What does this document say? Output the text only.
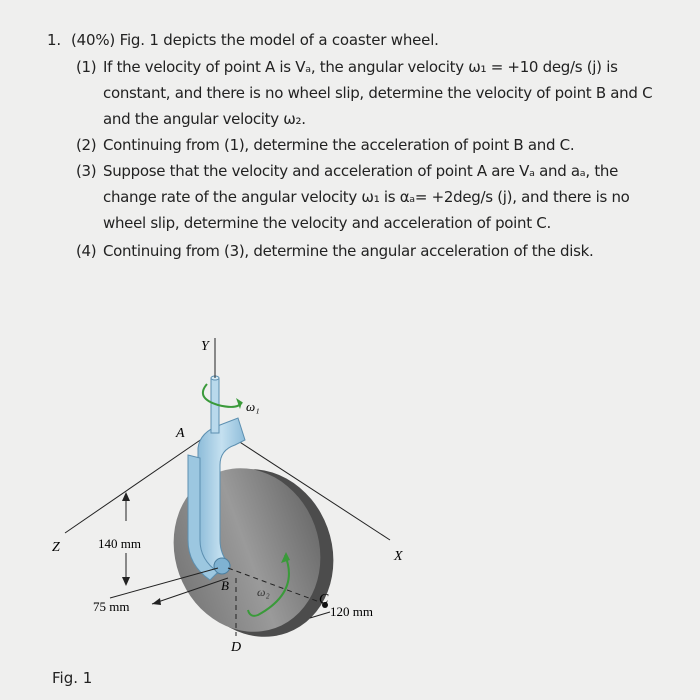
1. (40%) Fig. 1 depicts the model of a coaster wheel.
(1) If the velocity of point A is Vₐ, the angular velocity ω₁ = +10 deg/s (j) is
constant, and there is no wheel slip, determine the velocity of point B and C
and the angular velocity ω₂.
(2) Continuing from (1), determine the acceleration of point B and C.
(3) Suppose that the velocity and acceleration of point A are Vₐ and aₐ, the
change rate of the angular velocity ω₁ is αₐ= +2deg/s (j), and there is no
wheel slip, determine the velocity and acceleration of point C.
(4) Continuing from (3), determine the angular acceleration of the disk.
Y
Z
X
ω₁
A
B ω₂	C
D
140 mm
75 mm	120 mm
Fig. 1
